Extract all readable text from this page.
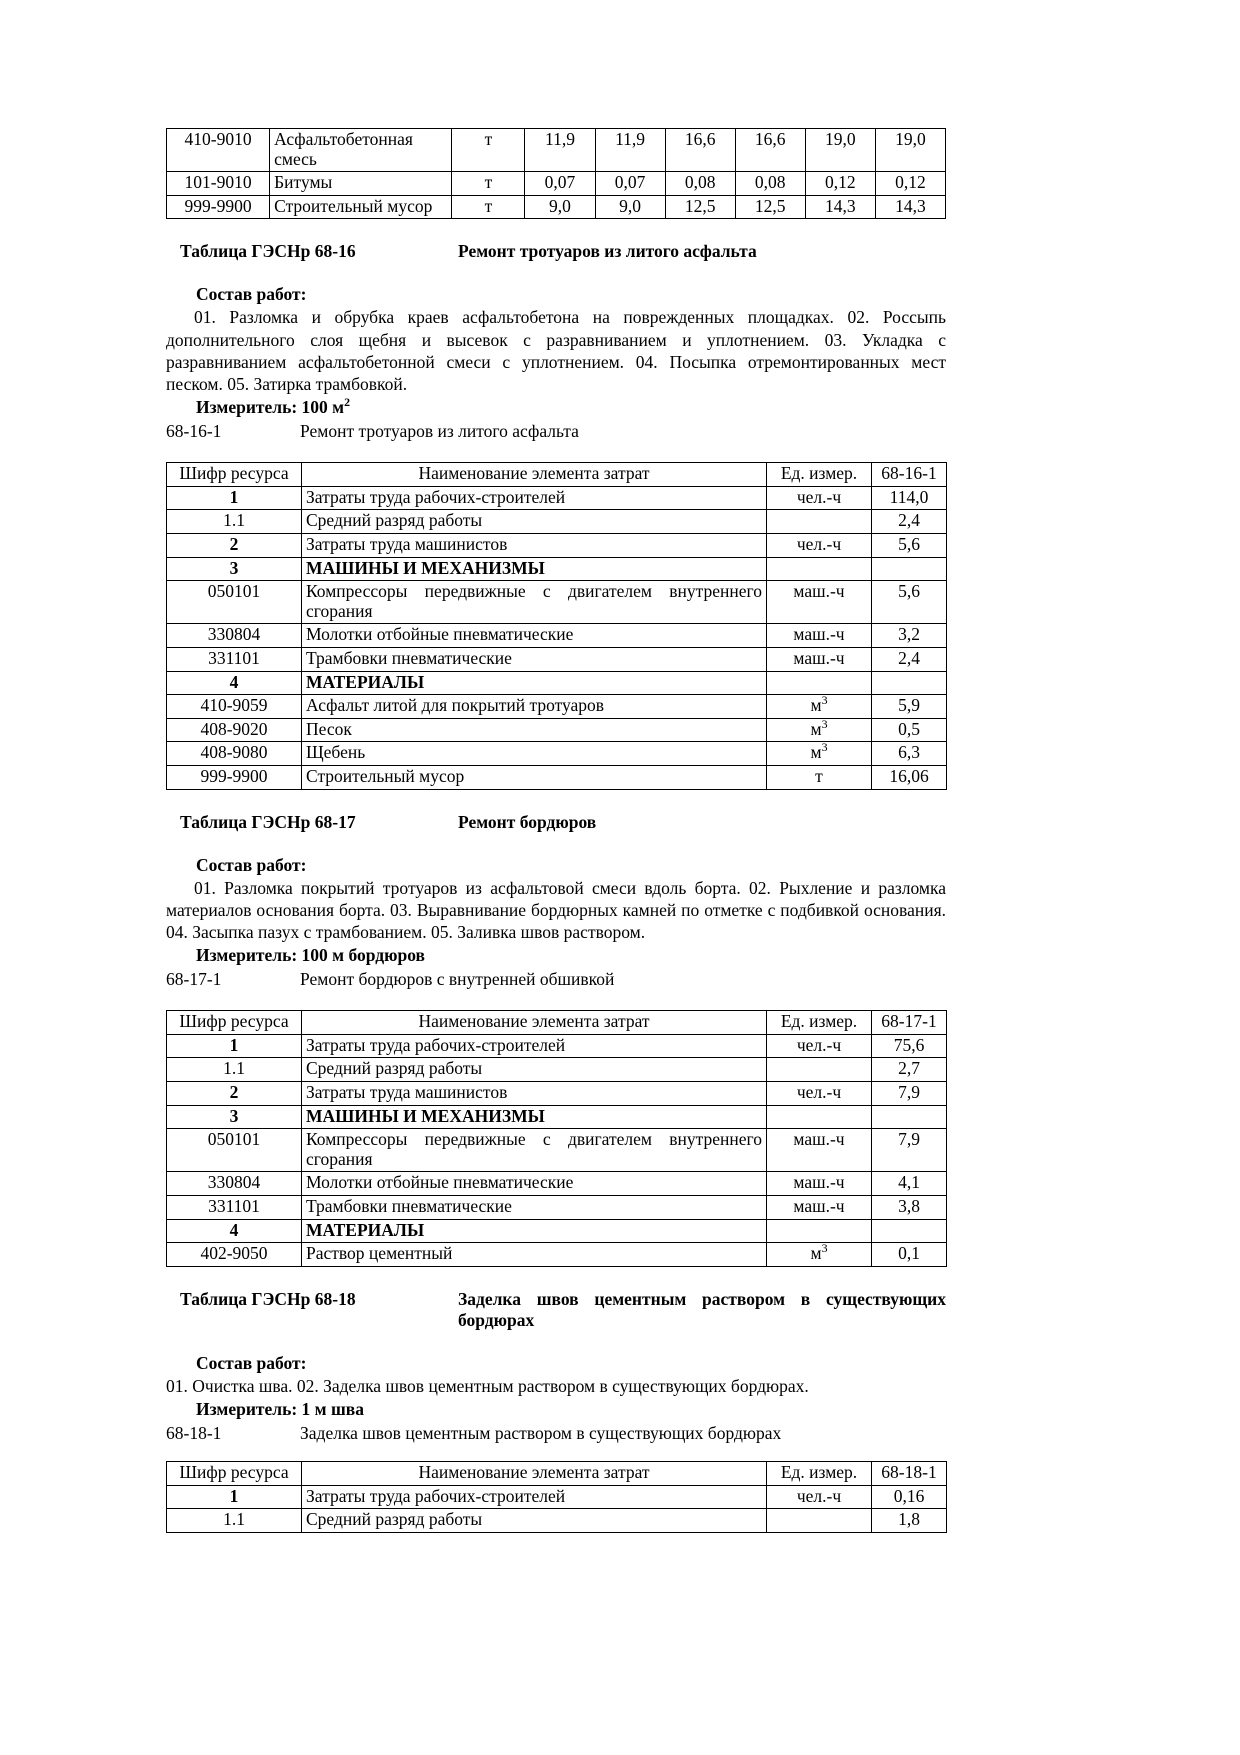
410-9010	Асфальтобетонная смесь	т	11,9	11,9	16,6	16,6	19,0	19,0
101-9010	Битумы	т	0,07	0,07	0,08	0,08	0,12	0,12
999-9900	Строительный мусор	т	9,0	9,0	12,5	12,5	14,3	14,3
Таблица ГЭСНр 68-16	Ремонт тротуаров из литого асфальта
Состав работ:

01. Разломка и обрубка краев асфальтобетона на поврежденных площадках. 02. Россыпь дополнительного слоя щебня и высевок с разравниванием и уплотнением. 03. Укладка с разравниванием асфальтобетонной смеси с уплотнением. 04. Посыпка отремонтированных мест песком. 05. Затирка трамбовкой.

Измеритель: 100 $м^2$
68-16-1	Ремонт тротуаров из литого асфальта
Шифр ресурса	Наименование элемента затрат	Ед. измер.	68-16-1
1	Затраты труда рабочих-строителей	чел.-ч	114,0
1.1	Средний разряд работы		2,4
2	Затраты труда машинистов	чел.-ч	5,6
3	МАШИНЫ И МЕХАНИЗМЫ		
050101	Компрессоры передвижные с двигателем внутреннего сгорания	маш.-ч	5,6
330804	Молотки отбойные пневматические	маш.-ч	3,2
331101	Трамбовки пневматические	маш.-ч	2,4
4	МАТЕРИАЛЫ		
410-9059	Асфальт литой для покрытий тротуаров	$м^3$	5,9
408-9020	Песок	$м^3$	0,5
408-9080	Щебень	$м^3$	6,3
999-9900	Строительный мусор	т	16,06
Таблица ГЭСНр 68-17	Ремонт бордюров
Состав работ:

01. Разломка покрытий тротуаров из асфальтовой смеси вдоль борта. 02. Рыхление и разломка материалов основания борта. 03. Выравнивание бордюрных камней по отметке с подбивкой основания. 04. Засыпка пазух с трамбованием. 05. Заливка швов раствором.

Измеритель: 100 м бордюров
68-17-1	Ремонт бордюров с внутренней обшивкой
Шифр ресурса	Наименование элемента затрат	Ед. измер.	68-17-1
1	Затраты труда рабочих-строителей	чел.-ч	75,6
1.1	Средний разряд работы		2,7
2	Затраты труда машинистов	чел.-ч	7,9
3	МАШИНЫ И МЕХАНИЗМЫ		
050101	Компрессоры передвижные с двигателем внутреннего сгорания	маш.-ч	7,9
330804	Молотки отбойные пневматические	маш.-ч	4,1
331101	Трамбовки пневматические	маш.-ч	3,8
4	МАТЕРИАЛЫ		
402-9050	Раствор цементный	$м^3$	0,1
Таблица ГЭСНр 68-18	Заделка швов цементным раствором в существующих бордюрах
Состав работ:

01. Очистка шва. 02. Заделка швов цементным раствором в существующих бордюрах.

Измеритель: 1 м шва
68-18-1	Заделка швов цементным раствором в существующих бордюрах
Шифр ресурса	Наименование элемента затрат	Ед. измер.	68-18-1
1	Затраты труда рабочих-строителей	чел.-ч	0,16
1.1	Средний разряд работы		1,8
